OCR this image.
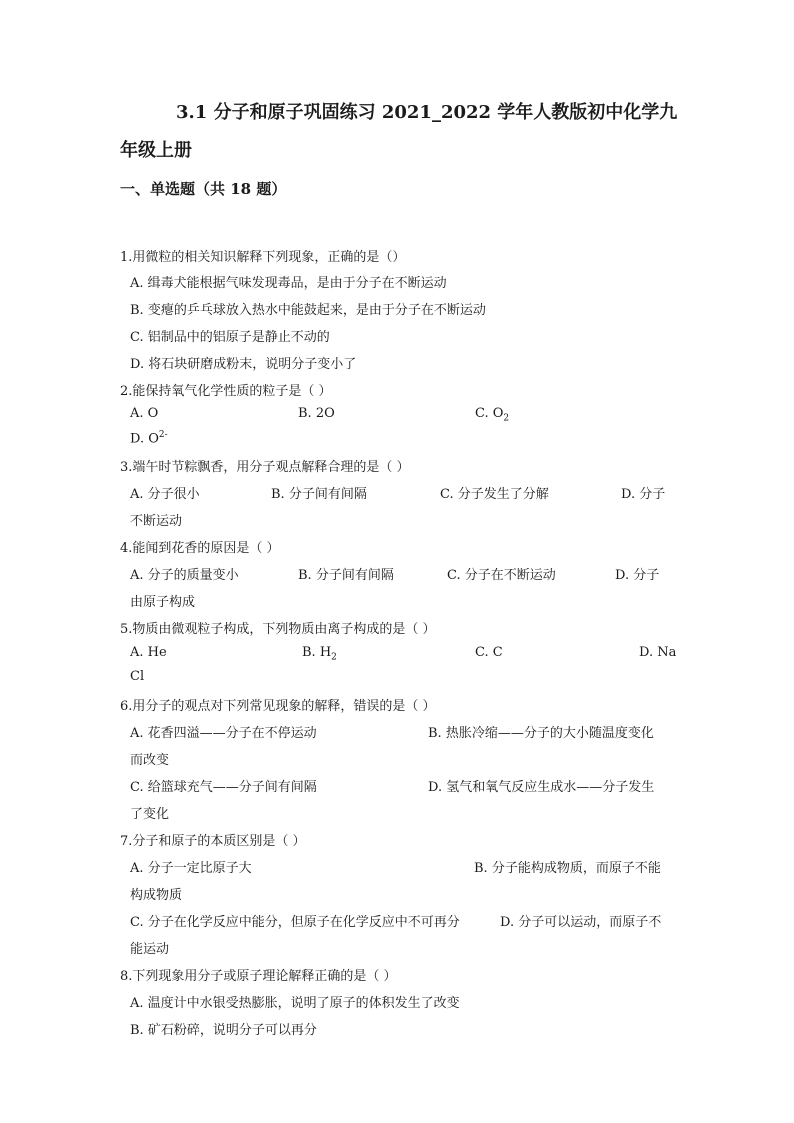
3.1 分子和原子巩固练习 2021_2022 学年人教版初中化学九年级上册
一、单选题（共 18 题）
1.用微粒的相关知识解释下列现象，正确的是（）
A. 缉毒犬能根据气味发现毒品，是由于分子在不断运动
B. 变瘪的乒乓球放入热水中能鼓起来，是由于分子在不断运动
C. 铝制品中的铝原子是静止不动的
D. 将石块研磨成粉末，说明分子变小了
2.能保持氧气化学性质的粒子是（ ）
A. O	B. 2O	C. $O_2$
D. $O^{2-}$
3.端午时节粽飘香，用分子观点解释合理的是（ ）
A. 分子很小	B. 分子间有间隔	C. 分子发生了分解	D. 分子
不断运动
4.能闻到花香的原因是（ ）
A. 分子的质量变小	B. 分子间有间隔	C. 分子在不断运动	D. 分子
由原子构成
5.物质由微观粒子构成，下列物质由离子构成的是（ ）
A. He	B. $H_2$	C. C	D. Na
Cl
6.用分子的观点对下列常见现象的解释，错误的是（ ）
A. 花香四溢——分子在不停运动	B. 热胀冷缩——分子的大小随温度变化
而改变
C. 给篮球充气——分子间有间隔	D. 氢气和氧气反应生成水——分子发生
了变化
7.分子和原子的本质区别是（ ）
A. 分子一定比原子大	B. 分子能构成物质，而原子不能
构成物质
C. 分子在化学反应中能分，但原子在化学反应中不可再分	D. 分子可以运动，而原子不
能运动
8.下列现象用分子或原子理论解释正确的是（ ）
A. 温度计中水银受热膨胀，说明了原子的体积发生了改变
B. 矿石粉碎，说明分子可以再分
